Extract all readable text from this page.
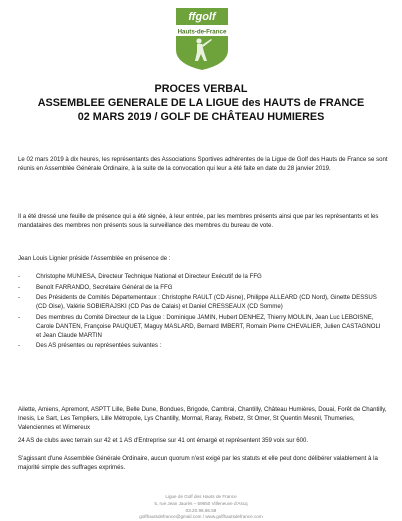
ffgolf
Hauts-de-France
PROCES VERBAL
ASSEMBLEE GENERALE DE LA LIGUE des HAUTS de FRANCE
02 MARS 2019 / GOLF DE CHÂTEAU HUMIERES
Le 02 mars 2019 à dix heures, les représentants des Associations Sportives adhérentes de la Ligue de Golf des Hauts de France se sont réunis en Assemblée Générale Ordinaire, à la suite de la convocation qui leur a été faite en date du 28 janvier 2019.
Il a été dressé une feuille de présence qui a été signée, à leur entrée, par les membres présents ainsi que par les représentants et les mandataires des membres non présents sous la surveillance des membres du bureau de vote.
Jean Louis Lignier préside l'Assemblée en présence de :
-	Christophe MUNIESA, Directeur Technique National et Directeur Exécutif de la FFG
-	Benoît FARRANDO, Secrétaire Général de la FFG
-	Des Présidents de Comités Départementaux : Christophe RAULT (CD Aisne), Philippe ALLEARD (CD Nord), Ginette DESSUS (CD Oise), Valérie SOBIERAJSKI (CD Pas de Calais) et Daniel CRESSEAUX (CD Somme)
-	Des membres du Comité Directeur de la Ligue : Dominique JAMIN, Hubert DENHEZ, Thierry MOULIN, Jean Luc LEBOISNE, Carole DANTEN, Françoise PAUQUET, Maguy MASLARD, Bernard IMBERT, Romain Pierre CHEVALIER, Julien CASTAGNOLI et Jean Claude MARTIN
-	Des AS présentes ou représentées suivantes :
Ailette, Amiens, Apremont, ASPTT Lille, Belle Dune, Bondues, Brigode, Cambrai, Chantilly, Château Humières, Douai, Forêt de Chantilly, Inesis, Le Sart, Les Templiers, Lille Métropole, Lys Chantilly, Mormal, Raray, Rebetz, St Omer, St Quentin Mesnil, Thumeries, Valenciennes et Wimereux
24 AS de clubs avec terrain sur 42 et 1 AS d'Entreprise sur 41 ont émargé et représentent 359 voix sur 600.
S'agissant d'une Assemblée Générale Ordinaire, aucun quorum n'est exigé par les statuts et elle peut donc délibérer valablement à la majorité simple des suffrages exprimés.
Ligue de Golf des Hauts de France
5, rue Jean Jaurès – 59650 Villeneuve d'Ascq
03.20.98.86.58
golfhautsdefrance@gmail.com / www.golfhautsdefrance.com
